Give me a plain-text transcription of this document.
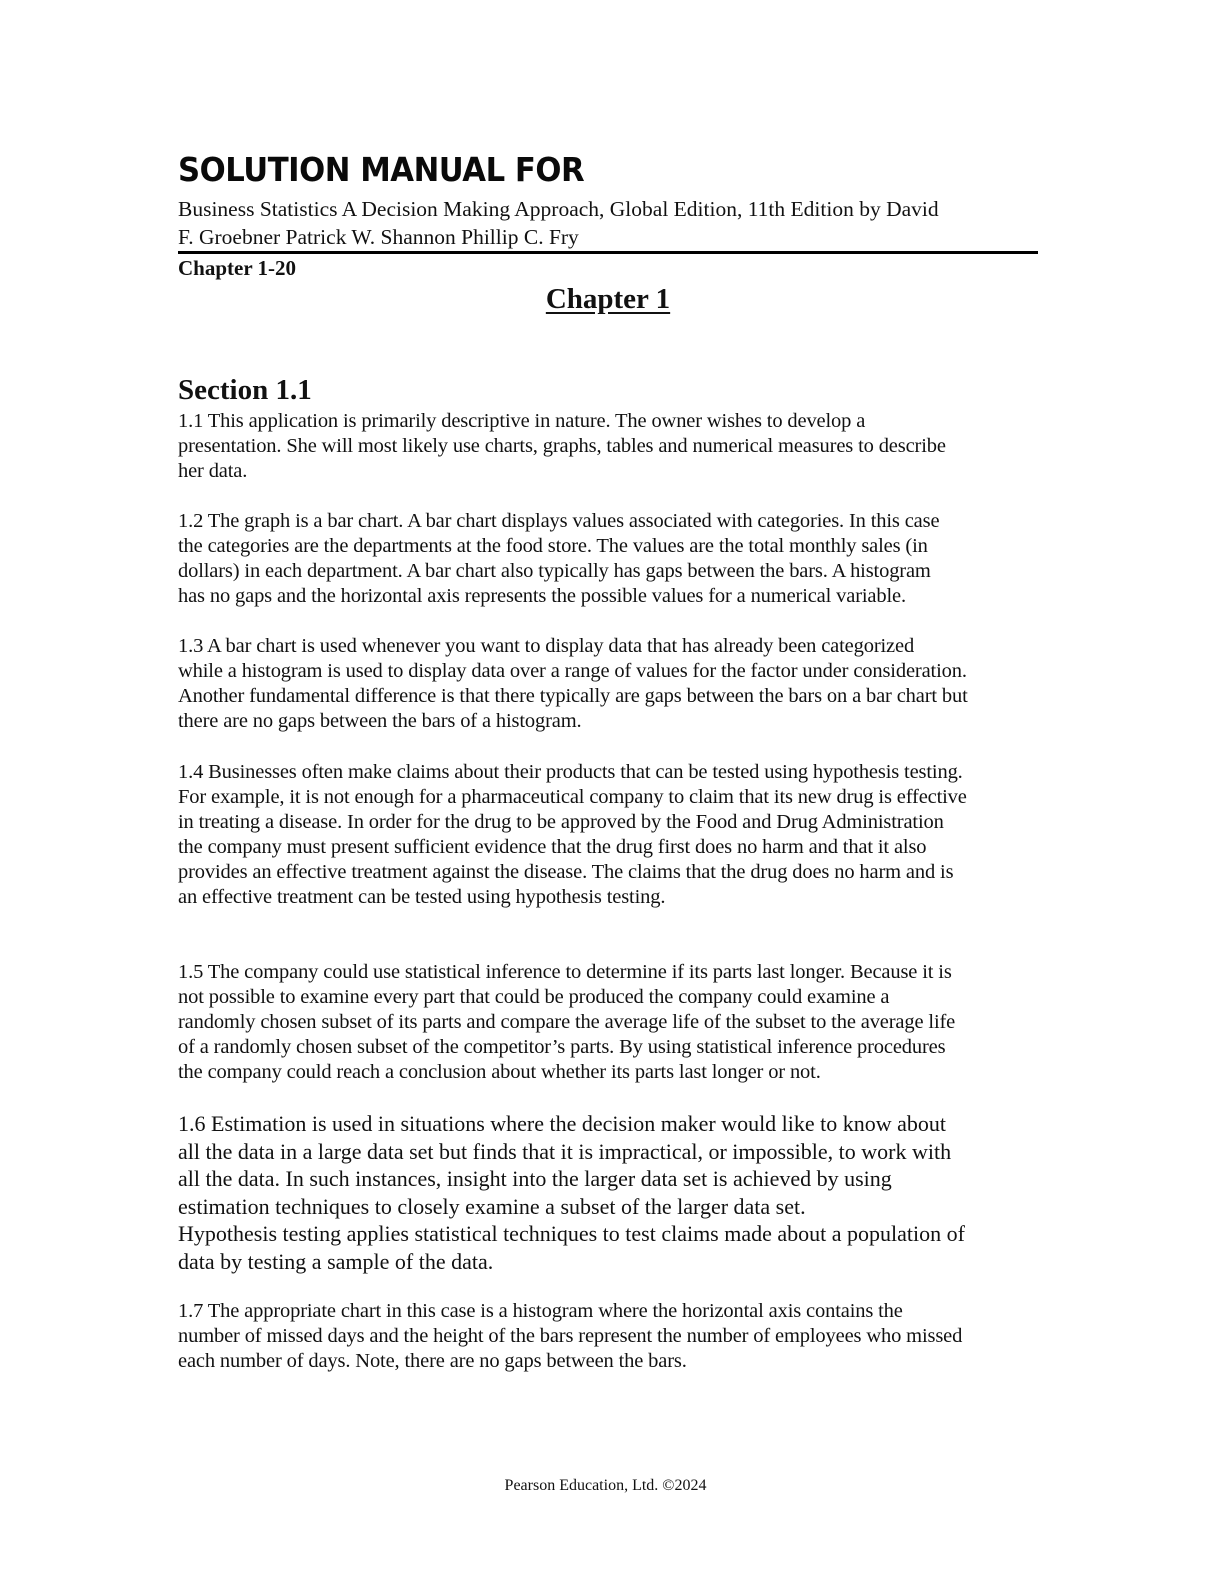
SOLUTION MANUAL FOR

Business Statistics A Decision Making Approach, Global Edition, 11th Edition by David
F. Groebner Patrick W. Shannon Phillip C. Fry

Chapter 1-20

Chapter 1
Section 1.1

1.1 This application is primarily descriptive in nature. The owner wishes to develop a
presentation. She will most likely use charts, graphs, tables and numerical measures to describe
her data.

1.2 The graph is a bar chart. A bar chart displays values associated with categories. In this case
the categories are the departments at the food store. The values are the total monthly sales (in
dollars) in each department. A bar chart also typically has gaps between the bars. A histogram
has no gaps and the horizontal axis represents the possible values for a numerical variable.

1.3 A bar chart is used whenever you want to display data that has already been categorized
while a histogram is used to display data over a range of values for the factor under consideration.
Another fundamental difference is that there typically are gaps between the bars on a bar chart but
there are no gaps between the bars of a histogram.

1.4 Businesses often make claims about their products that can be tested using hypothesis testing.
For example, it is not enough for a pharmaceutical company to claim that its new drug is effective
in treating a disease. In order for the drug to be approved by the Food and Drug Administration
the company must present sufficient evidence that the drug first does no harm and that it also
provides an effective treatment against the disease. The claims that the drug does no harm and is
an effective treatment can be tested using hypothesis testing.

1.5 The company could use statistical inference to determine if its parts last longer. Because it is
not possible to examine every part that could be produced the company could examine a
randomly chosen subset of its parts and compare the average life of the subset to the average life
of a randomly chosen subset of the competitor’s parts. By using statistical inference procedures
the company could reach a conclusion about whether its parts last longer or not.

1.6 Estimation is used in situations where the decision maker would like to know about
all the data in a large data set but finds that it is impractical, or impossible, to work with
all the data. In such instances, insight into the larger data set is achieved by using
estimation techniques to closely examine a subset of the larger data set.
Hypothesis testing applies statistical techniques to test claims made about a population of
data by testing a sample of the data.

1.7 The appropriate chart in this case is a histogram where the horizontal axis contains the
number of missed days and the height of the bars represent the number of employees who missed
each number of days. Note, there are no gaps between the bars.

Pearson Education, Ltd. ©2024
